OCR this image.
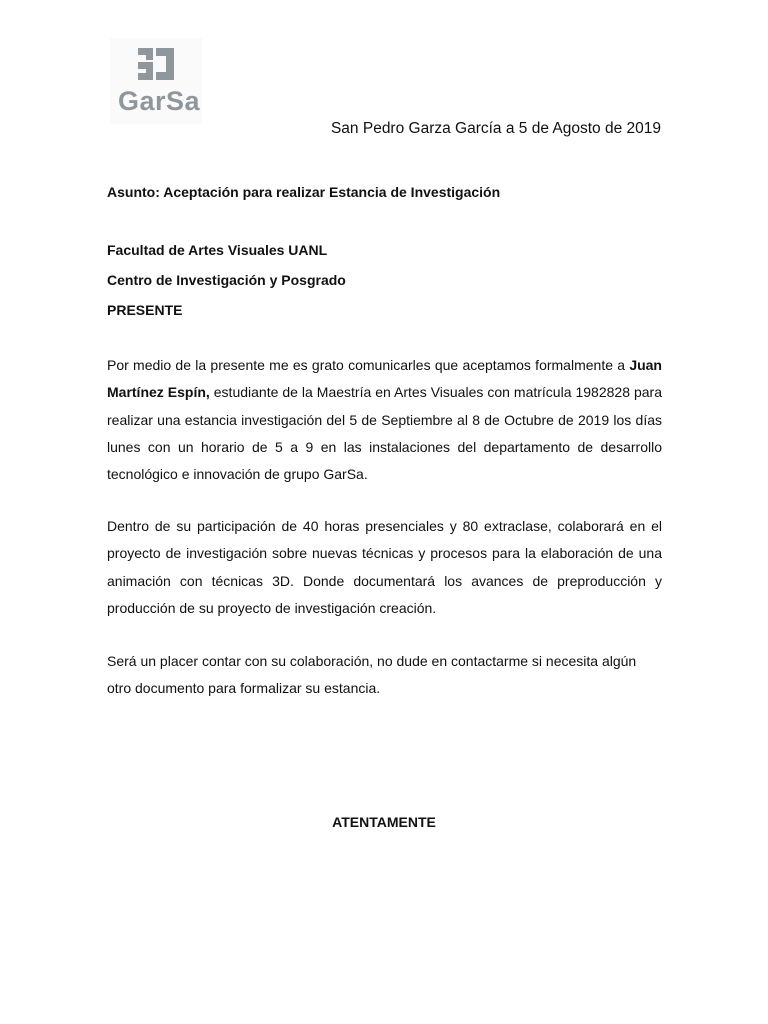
GarSa
San Pedro Garza García a 5 de Agosto de 2019
Asunto: Aceptación para realizar Estancia de Investigación
Facultad de Artes Visuales UANL
Centro de Investigación y Posgrado
PRESENTE
Por medio de la presente me es grato comunicarles que aceptamos formalmente a Juan Martínez Espín, estudiante de la Maestría en Artes Visuales con matrícula 1982828 para realizar una estancia investigación del 5 de Septiembre al 8 de Octubre de 2019 los días lunes con un horario de 5 a 9 en las instalaciones del departamento de desarrollo tecnológico e innovación de grupo GarSa.
Dentro de su participación de 40 horas presenciales y 80 extraclase, colaborará en el proyecto de investigación sobre nuevas técnicas y procesos para la elaboración de una animación con técnicas 3D. Donde documentará los avances de preproducción y producción de su proyecto de investigación creación.
Será un placer contar con su colaboración, no dude en contactarme si necesita algún otro documento para formalizar su estancia.
ATENTAMENTE
